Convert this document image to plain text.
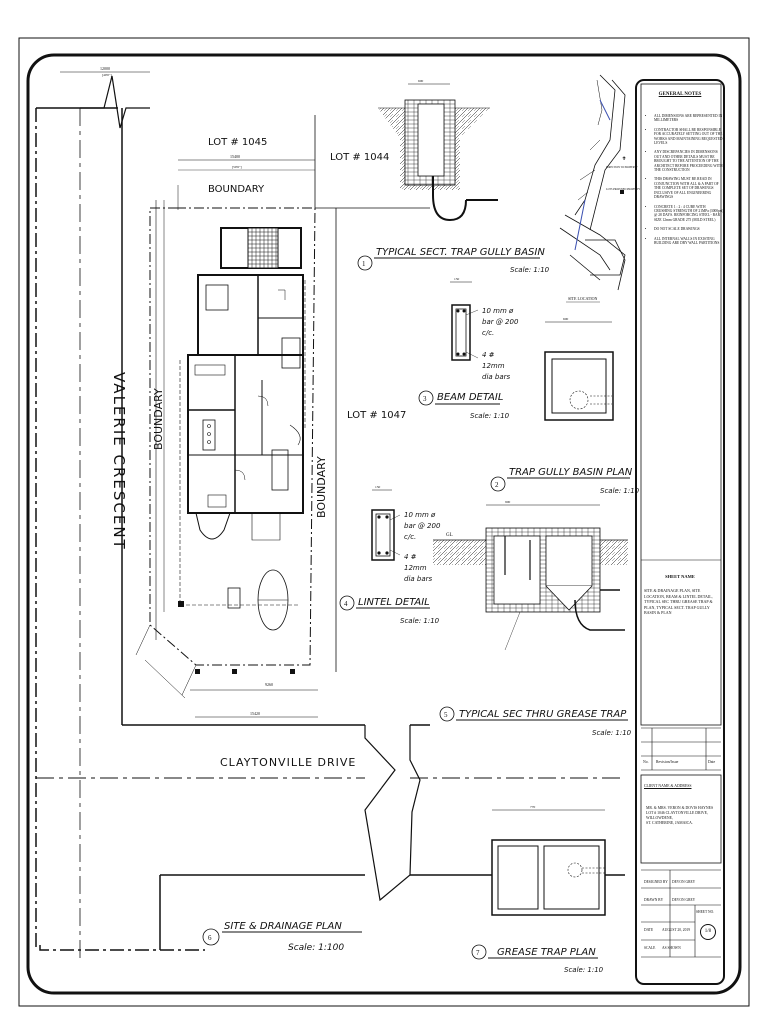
12000
[40'0"]
VALERIE CRESCENT
CLAYTONVILLE DRIVE
15400
[50'6"]
LOT # 1045
LOT # 1044
LOT # 1047
BOUNDARY
BOUNDARY
BOUNDARY
9260
15420
6
SITE & DRAINAGE PLAN
Scale: 1:100
600
1
TYPICAL SECT. TRAP GULLY BASIN
Scale: 1:10
✟
DIRECTION TO PROPERTY
LOTS PROPOSED PROPERTY
SITE LOCATION
150
10 mm ø
bar @ 200
c/c.
4 #
12mm
dia bars
3 BEAM DETAIL
Scale: 1:10
600
2
TRAP GULLY BASIN PLAN
Scale: 1:10
150
10 mm ø
bar @ 200
c/c.
4 #
12mm
dia bars
4 LINTEL DETAIL
Scale: 1:10
900
GL
5 TYPICAL SEC THRU GREASE TRAP
Scale: 1:10
770
7 GREASE TRAP PLAN
Scale: 1:10
GENERAL NOTES
• ALL DIMENSIONS ARE REPRESENTED IN MILLIMETERS
• CONTRACTOR SHALL BE RESPONSIBLE FOR ACCURATELY SETTING OUT OF THE WORKS AND MAINTAINING REQUESTED LEVELS
• ANY DISCREPANCIES IN DIMENSIONS OUT AND OTHER DETAILS MUST BE BROUGHT TO THE ATTENTION OF THE ARCHITECT BEFORE PROCEEDING WITH THE CONSTRUCTION
• THIS DRAWING MUST BE READ IN CONJUNCTION WITH ALL & A PART OF THE COMPLETE SET OF DRAWINGS INCLUSIVE OF ALL ENGINEERING DRAWINGS
• CONCRETE 1 : 2 : 4 CUBE WITH CRUSHING STRENGTH OF 21MPa (3000psi) @ 28 DAYS. REINFORCING STEEL - BAR SIZE 12mm GRADE 275 (MILD STEEL)
• DO NOT SCALE DRAWINGS
• ALL INTERNAL WALLS IN EXISTING BUILDING ARE DRY WALL PARTITIONS
SHEET NAME
SITE & DRAINAGE PLAN, SITE LOCATION, BEAM & LINTEL DETAIL, TYPICAL SEC THRU GREASE TRAP & PLAN, TYPICAL SECT. TRAP GULLY BASIN & PLAN
No. Revision/Issue	Date
CLIENT NAME & ADDRESS
MR. & MRS. VERON & DOVIS HAYNES
LOT # 1046 CLAYTONVILLE DRIVE,
WILLOWDENE,
ST. CATHERINE, JAMAICA.
DESIGNED BY DEVON GREY
DRAWN BY DEVON GREY
DATE AUGUST 20, 2019
SCALE AS SHOWN
SHEET NO.
1/8
